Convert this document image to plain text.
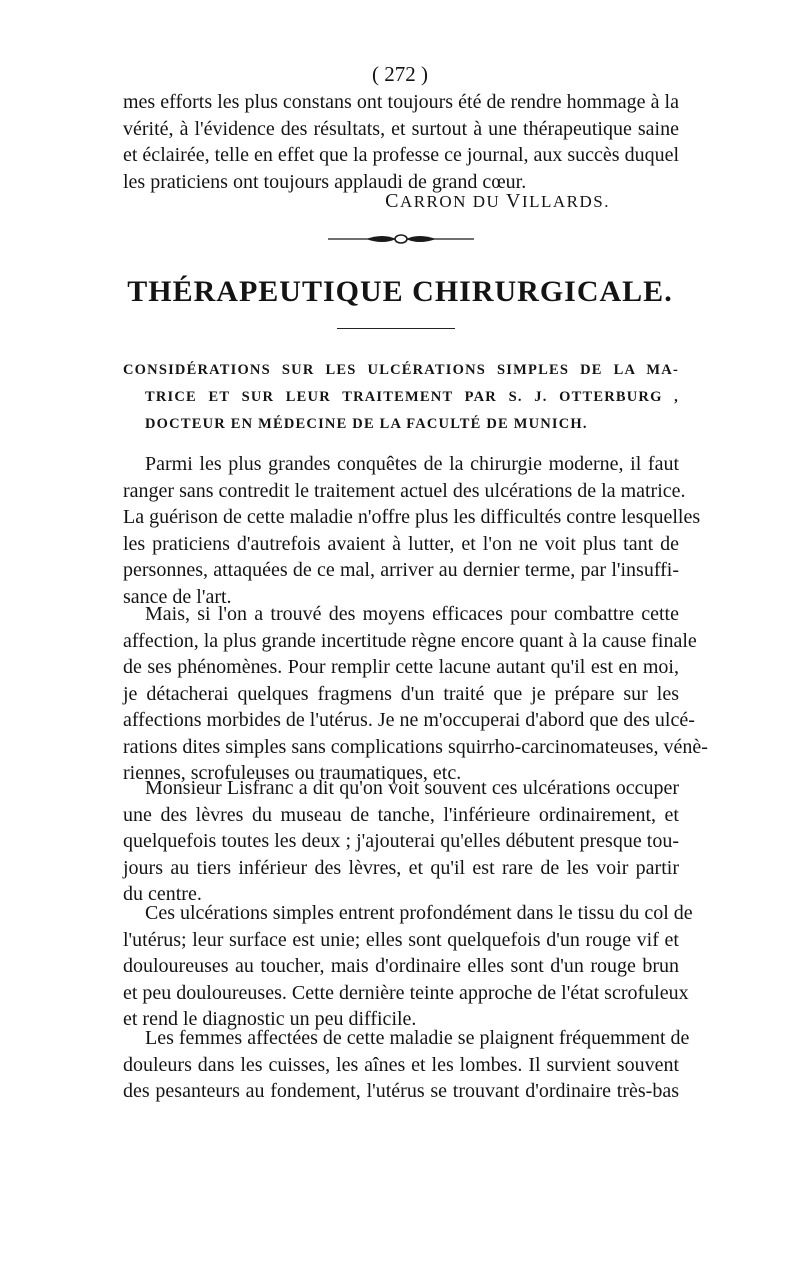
( 272 )
mes efforts les plus constans ont toujours été de rendre hommage à la
vérité, à l'évidence des résultats, et surtout à une thérapeutique saine
et éclairée, telle en effet que la professe ce journal, aux succès duquel
les praticiens ont toujours applaudi de grand cœur.
CARRON DU VILLARDS.
THÉRAPEUTIQUE CHIRURGICALE.
CONSIDÉRATIONS SUR LES ULCÉRATIONS SIMPLES DE LA MA-
TRICE ET SUR LEUR TRAITEMENT PAR S. J. OTTERBURG ,
DOCTEUR EN MÉDECINE DE LA FACULTÉ DE MUNICH.
Parmi les plus grandes conquêtes de la chirurgie moderne, il faut
ranger sans contredit le traitement actuel des ulcérations de la matrice.
La guérison de cette maladie n'offre plus les difficultés contre lesquelles
les praticiens d'autrefois avaient à lutter, et l'on ne voit plus tant de
personnes, attaquées de ce mal, arriver au dernier terme, par l'insuffi-
sance de l'art.
Mais, si l'on a trouvé des moyens efficaces pour combattre cette
affection, la plus grande incertitude règne encore quant à la cause finale
de ses phénomènes. Pour remplir cette lacune autant qu'il est en moi,
je détacherai quelques fragmens d'un traité que je prépare sur les
affections morbides de l'utérus. Je ne m'occuperai d'abord que des ulcé-
rations dites simples sans complications squirrho-carcinomateuses, vénè-
riennes, scrofuleuses ou traumatiques, etc.
Monsieur Lisfranc a dit qu'on voit souvent ces ulcérations occuper
une des lèvres du museau de tanche, l'inférieure ordinairement, et
quelquefois toutes les deux ; j'ajouterai qu'elles débutent presque tou-
jours au tiers inférieur des lèvres, et qu'il est rare de les voir partir
du centre.
Ces ulcérations simples entrent profondément dans le tissu du col de
l'utérus; leur surface est unie; elles sont quelquefois d'un rouge vif et
douloureuses au toucher, mais d'ordinaire elles sont d'un rouge brun
et peu douloureuses. Cette dernière teinte approche de l'état scrofuleux
et rend le diagnostic un peu difficile.
Les femmes affectées de cette maladie se plaignent fréquemment de
douleurs dans les cuisses, les aînes et les lombes. Il survient souvent
des pesanteurs au fondement, l'utérus se trouvant d'ordinaire très-bas
